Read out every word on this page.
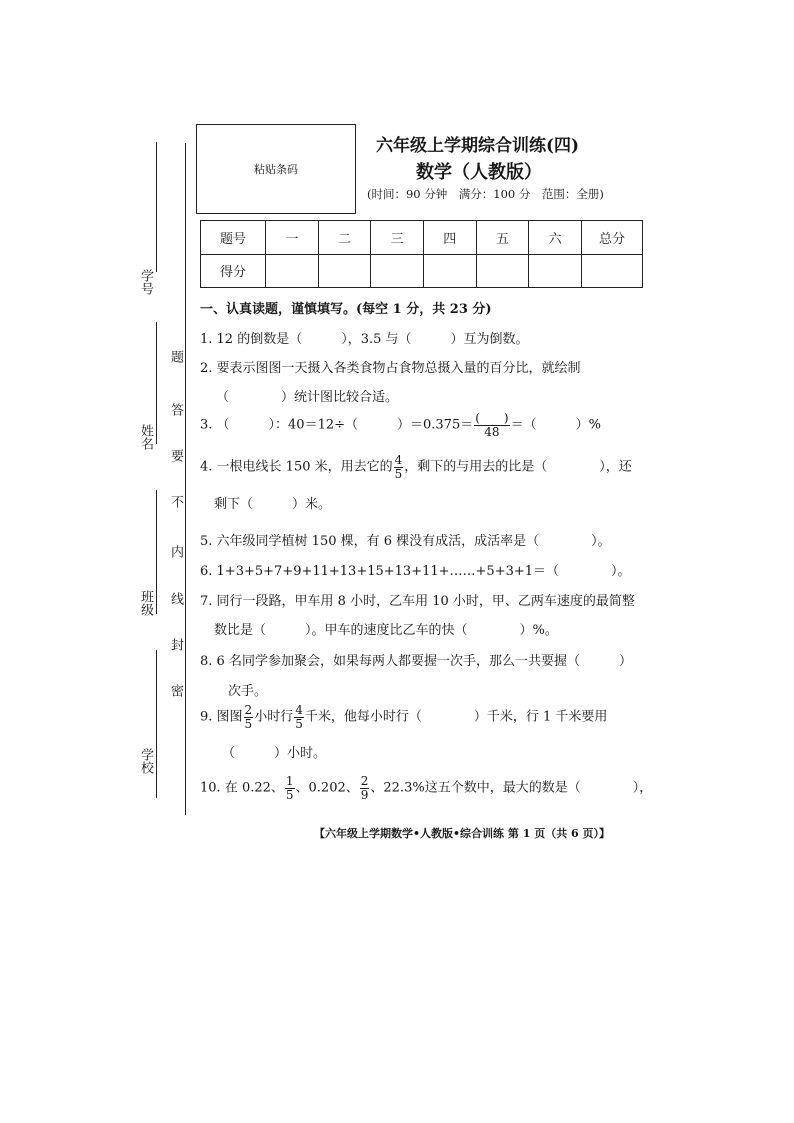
学号
姓名
班级
学校
题
答
要
不
内
线
封
密
粘贴条码
六年级上学期综合训练(四)
数学（人教版）
(时间：90 分钟　满分：100 分　范围：全册)
题号	一	二	三	四	五	六	总分
得分							
一、认真读题，谨慎填写。(每空 1 分，共 23 分)
1. 12 的倒数是（　　　），3.5 与（　　　）互为倒数。
2. 要表示图图一天摄入各类食物占食物总摄入量的百分比，就绘制
（　　　　）统计图比较合适。
3. （　　　）：40＝12÷（　　　）$=0.375= \frac{( )}{48}$ ＝（　　　）%
4. 一根电线长 150 米，用去它的 $\frac{4}{5}$ ，剩下的与用去的比是（　　　　），还
剩下（　　　）米。
5. 六年级同学植树 150 棵，有 6 棵没有成活，成活率是（　　　　）。
6. 1+3+5+7+9+11+13+15+13+11+……+5+3+1＝（　　　　）。
7. 同行一段路，甲车用 8 小时，乙车用 10 小时，甲、乙两车速度的最简整
数比是（　　　）。甲车的速度比乙车的快（　　　　）%。
8. 6 名同学参加聚会，如果每两人都要握一次手，那么一共要握（　　　）
次手。
9. 图图 $\frac{2}{5}$ 小时行 $\frac{4}{5}$ 千米，他每小时行（　　　　）千米，行 1 千米要用
（　　　）小时。
10. 在 0.22、 $\frac{1}{5}$ 、0.202、 $\frac{2}{9}$ 、22.3%这五个数中，最大的数是（　　　　），
【六年级上学期数学•人教版•综合训练 第 1 页（共 6 页）】
